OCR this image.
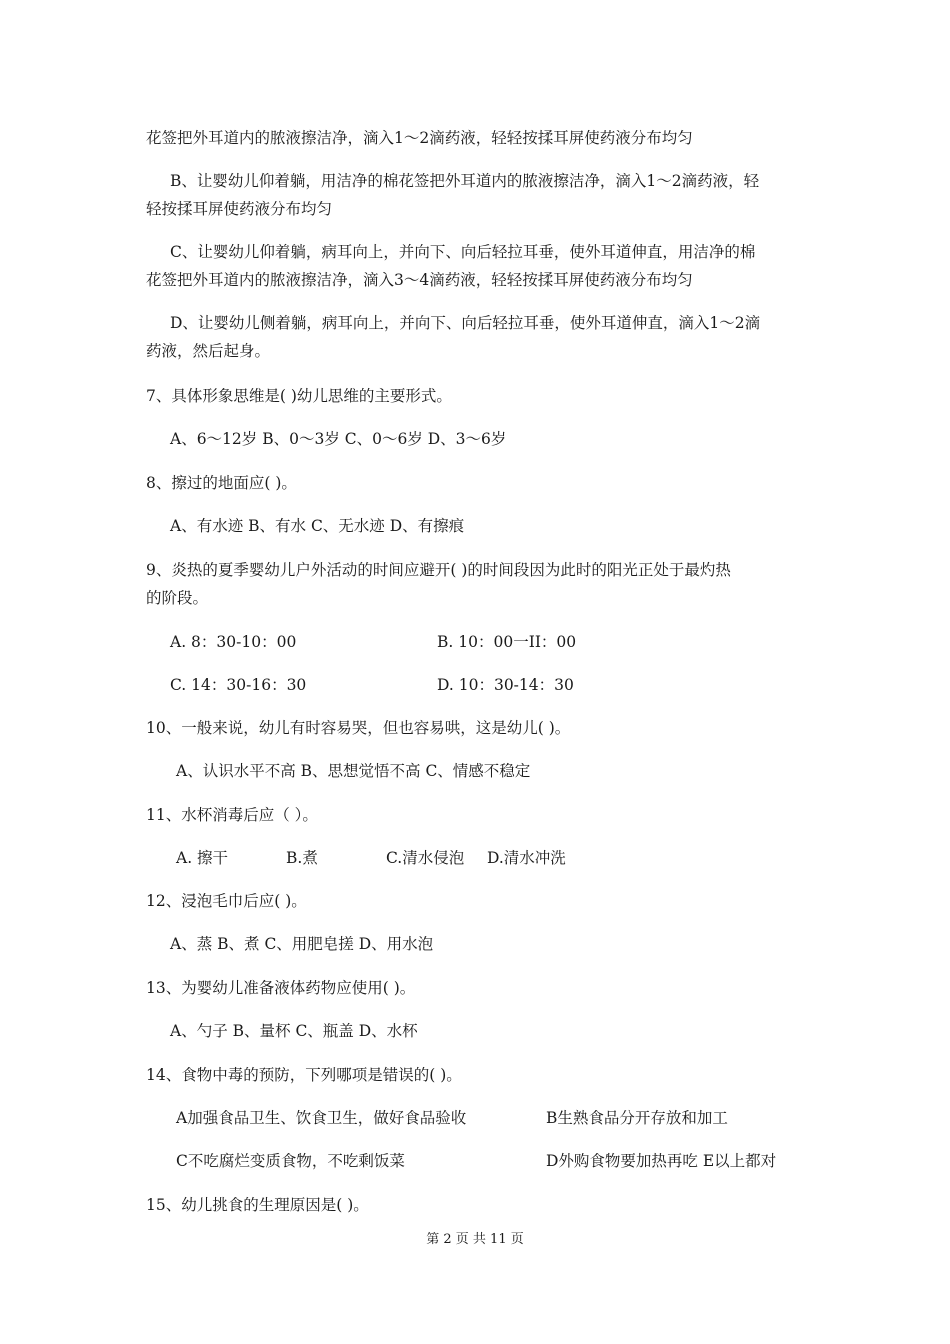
花签把外耳道内的脓液擦洁净，滴入1～2滴药液，轻轻按揉耳屏使药液分布均匀
B、让婴幼儿仰着躺，用洁净的棉花签把外耳道内的脓液擦洁净，滴入1～2滴药液，轻
轻按揉耳屏使药液分布均匀
C、让婴幼儿仰着躺，病耳向上，并向下、向后轻拉耳垂，使外耳道伸直，用洁净的棉
花签把外耳道内的脓液擦洁净，滴入3～4滴药液，轻轻按揉耳屏使药液分布均匀
D、让婴幼儿侧着躺，病耳向上，并向下、向后轻拉耳垂，使外耳道伸直，滴入1～2滴
药液，然后起身。
7、具体形象思维是( )幼儿思维的主要形式。
A、6～12岁 B、0～3岁 C、0～6岁 D、3～6岁
8、擦过的地面应( )。
A、有水迹 B、有水 C、无水迹 D、有擦痕
9、炎热的夏季婴幼儿户外活动的时间应避开( )的时间段因为此时的阳光正处于最灼热
的阶段。
A. 8：30-10：00	B. 10：00一II：00
C. 14：30-16：30	D. 10：30-14：30
10、一般来说，幼儿有时容易哭，但也容易哄，这是幼儿( )。
A、认识水平不高 B、思想觉悟不高 C、情感不稳定
11、水杯消毒后应（ ）。
A. 擦干	B.煮	C.清水侵泡 D.清水冲洗
12、浸泡毛巾后应( )。
A、蒸 B、煮 C、用肥皂搓 D、用水泡
13、为婴幼儿准备液体药物应使用( )。
A、勺子 B、量杯 C、瓶盖 D、水杯
14、食物中毒的预防，下列哪项是错误的( )。
A加强食品卫生、饮食卫生，做好食品验收	B生熟食品分开存放和加工
C不吃腐烂变质食物，不吃剩饭菜	D外购食物要加热再吃 E以上都对
15、幼儿挑食的生理原因是( )。
第 2 页 共 11 页
